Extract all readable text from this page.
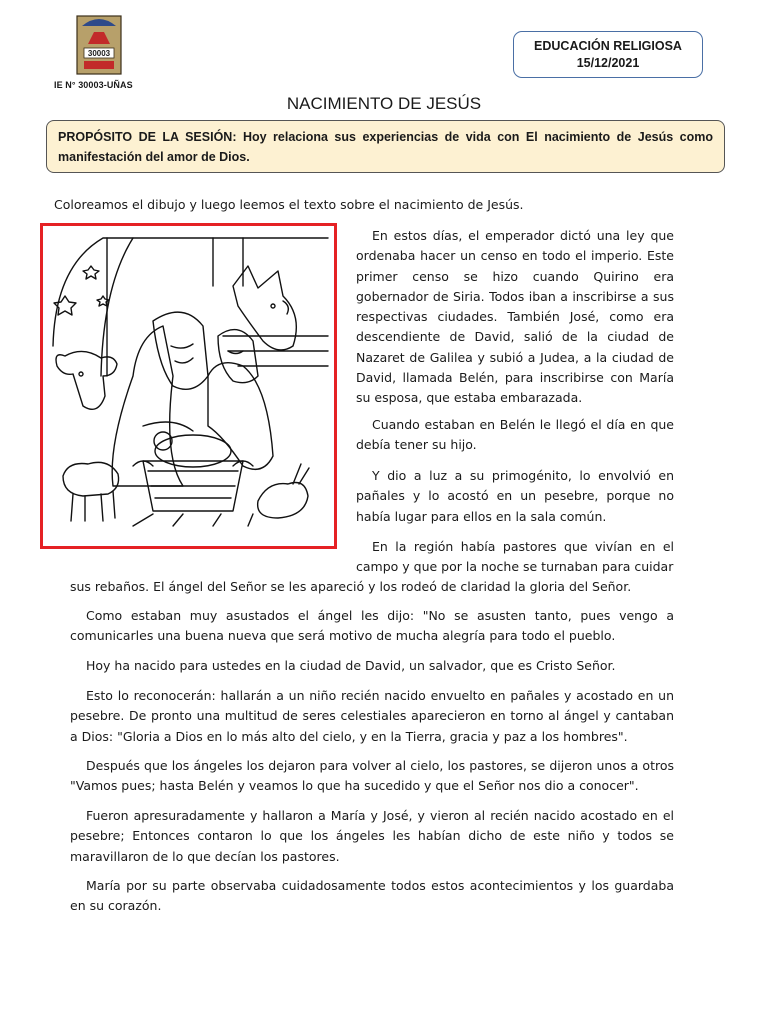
30003
IE N° 30003-UÑAS
EDUCACIÓN RELIGIOSA
15/12/2021
NACIMIENTO DE JESÚS
PROPÓSITO DE LA SESIÓN: Hoy relaciona sus experiencias de vida con El nacimiento de Jesús como manifestación del amor de Dios.
Coloreamos el dibujo y luego leemos el texto sobre el nacimiento de Jesús.

En estos días, el emperador dictó una ley que ordenaba hacer un censo en todo el imperio. Este primer censo se hizo cuando Quirino era gobernador de Siria. Todos iban a inscribirse a sus respectivas ciudades. También José, como era descendiente de David, salió de la ciudad de Nazaret de Galilea y subió a Judea, a la ciudad de David, llamada Belén, para inscribirse con María su esposa, que estaba embarazada.

Cuando estaban en Belén le llegó el día en que debía tener su hijo.

Y dio a luz a su primogénito, lo envolvió en pañales y lo acostó en un pesebre, porque no había lugar para ellos en la sala común.

En la región había pastores que vivían en el campo y que por la noche se turnaban para cuidar

sus rebaños. El ángel del Señor se les apareció y los rodeó de claridad la gloria del Señor.

Como estaban muy asustados el ángel les dijo: "No se asusten tanto, pues vengo a comunicarles una buena nueva que será motivo de mucha alegría para todo el pueblo.

Hoy ha nacido para ustedes en la ciudad de David, un salvador, que es Cristo Señor.

Esto lo reconocerán: hallarán a un niño recién nacido envuelto en pañales y acostado en un pesebre. De pronto una multitud de seres celestiales aparecieron en torno al ángel y cantaban a Dios: "Gloria a Dios en lo más alto del cielo, y en la Tierra, gracia y paz a los hombres".

Después que los ángeles los dejaron para volver al cielo, los pastores, se dijeron unos a otros "Vamos pues; hasta Belén y veamos lo que ha sucedido y que el Señor nos dio a conocer".

Fueron apresuradamente y hallaron a María y José, y vieron al recién nacido acostado en el pesebre; Entonces contaron lo que los ángeles les habían dicho de este niño y todos se maravillaron de lo que decían los pastores.

María por su parte observaba cuidadosamente todos estos acontecimientos y los guardaba en su corazón.
